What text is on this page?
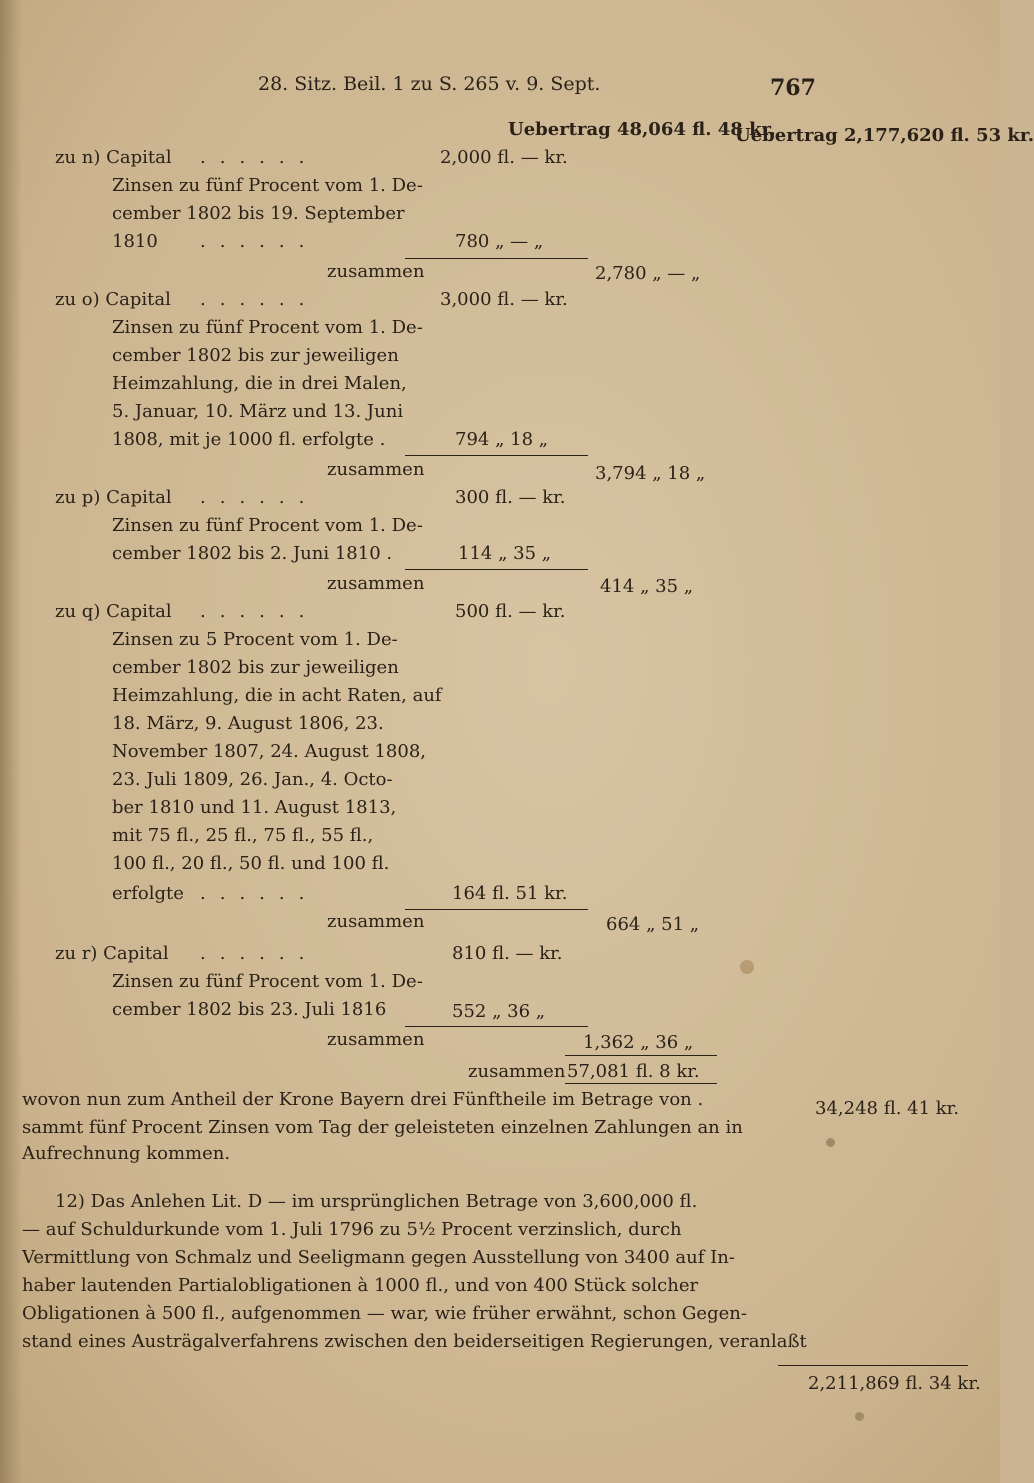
28. Sitz. Beil. 1 zu S. 265 v. 9. Sept.	767
Uebertrag 48,064 fl. 48 kr.
Uebertrag 2,177,620 fl. 53 kr.
zu n) Capital ......	2,000 fl. — kr.
Zinsen zu fünf Procent vom 1. De-
cember 1802 bis 19. September
1810 ......	780 „ — „
zusammen	2,780 „ — „
zu o) Capital ......	3,000 fl. — kr.
Zinsen zu fünf Procent vom 1. De-
cember 1802 bis zur jeweiligen
Heimzahlung, die in drei Malen,
5. Januar, 10. März und 13. Juni
1808, mit je 1000 fl. erfolgte .	794 „ 18 „
zusammen	3,794 „ 18 „
zu p) Capital ......	300 fl. — kr.
Zinsen zu fünf Procent vom 1. De-
cember 1802 bis 2. Juni 1810 .	114 „ 35 „
zusammen	414 „ 35 „
zu q) Capital ......	500 fl. — kr.
Zinsen zu 5 Procent vom 1. De-
cember 1802 bis zur jeweiligen
Heimzahlung, die in acht Raten, auf
18. März, 9. August 1806, 23.
November 1807, 24. August 1808,
23. Juli 1809, 26. Jan., 4. Octo-
ber 1810 und 11. August 1813,
mit 75 fl., 25 fl., 75 fl., 55 fl.,
100 fl., 20 fl., 50 fl. und 100 fl.
erfolgte ......	164 fl. 51 kr.
zusammen	664 „ 51 „
zu r) Capital ......	810 fl. — kr.
Zinsen zu fünf Procent vom 1. De-
cember 1802 bis 23. Juli 1816	552 „ 36 „
zusammen	1,362 „ 36 „
zusammen 57,081 fl. 8 kr.
wovon nun zum Antheil der Krone Bayern drei Fünftheile im Betrage von .
sammt fünf Procent Zinsen vom Tag der geleisteten einzelnen Zahlungen an in
Aufrechnung kommen.
34,248 fl. 41 kr.
12) Das Anlehen Lit. D — im ursprünglichen Betrage von 3,600,000 fl.
— auf Schuldurkunde vom 1. Juli 1796 zu 5½ Procent verzinslich, durch
Vermittlung von Schmalz und Seeligmann gegen Ausstellung von 3400 auf In-
haber lautenden Partialobligationen à 1000 fl., und von 400 Stück solcher
Obligationen à 500 fl., aufgenommen — war, wie früher erwähnt, schon Gegen-
stand eines Austrägalverfahrens zwischen den beiderseitigen Regierungen, veranlaßt
2,211,869 fl. 34 kr.
